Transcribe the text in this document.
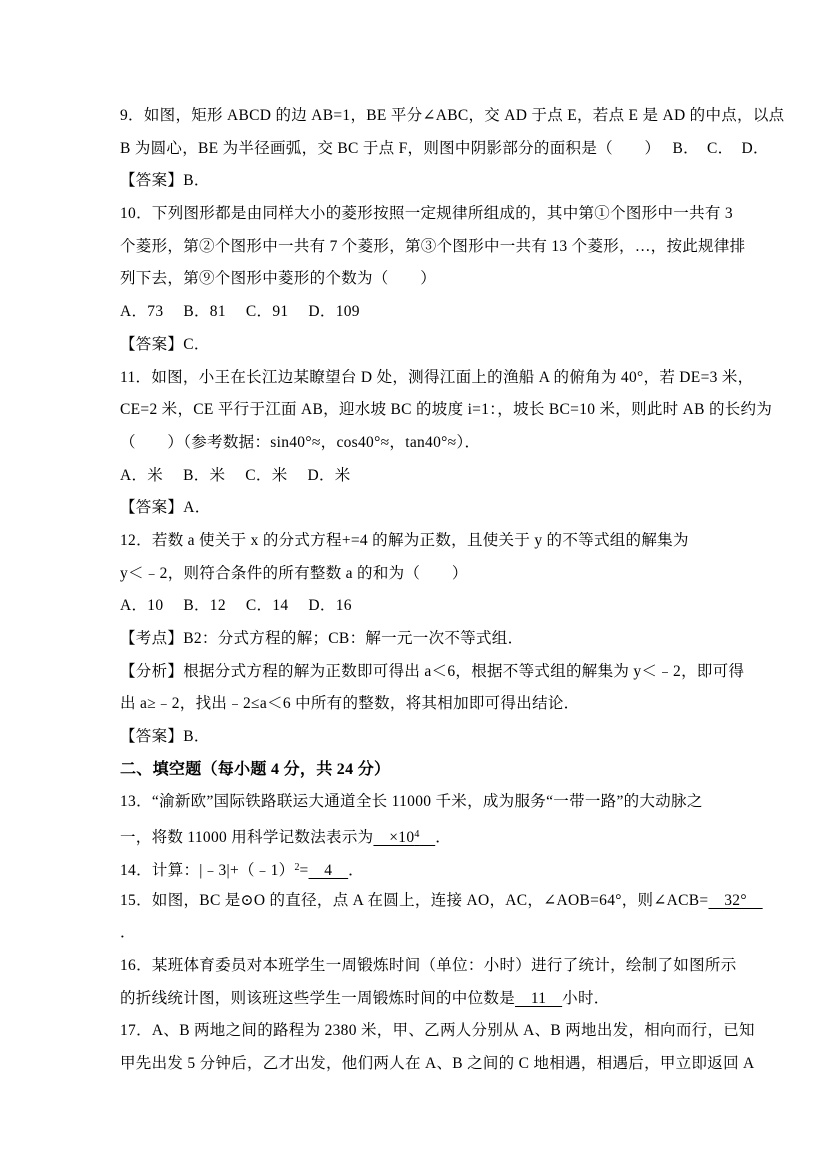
9．如图，矩形 ABCD 的边 AB=1，BE 平分∠ABC，交 AD 于点 E，若点 E 是 AD 的中点，以点
B 为圆心，BE 为半径画弧，交 BC 于点 F，则图中阴影部分的面积是（　　）　 B．　C．　D．
【答案】B．
10．下列图形都是由同样大小的菱形按照一定规律所组成的，其中第①个图形中一共有 3
个菱形，第②个图形中一共有 7 个菱形，第③个图形中一共有 13 个菱形，…，按此规律排
列下去，第⑨个图形中菱形的个数为（　　）
A．73　 B．81　 C．91　 D．109
【答案】C．
11．如图，小王在长江边某瞭望台 D 处，测得江面上的渔船 A 的俯角为 40°，若 DE=3 米，
CE=2 米，CE 平行于江面 AB，迎水坡 BC 的坡度 i=1：，坡长 BC=10 米，则此时 AB 的长约为
（　　）（参考数据：sin40°≈，cos40°≈，tan40°≈）．
A．米　 B．米　 C．米　 D．米
【答案】A．
12．若数 a 使关于 x 的分式方程+=4 的解为正数，且使关于 y 的不等式组的解集为
y＜﹣2，则符合条件的所有整数 a 的和为（　　）
A．10　 B．12　 C．14　 D．16
【考点】B2：分式方程的解；CB：解一元一次不等式组．
【分析】根据分式方程的解为正数即可得出 a＜6，根据不等式组的解集为 y＜﹣2，即可得
出 a≥﹣2，找出﹣2≤a＜6 中所有的整数，将其相加即可得出结论．
【答案】B．
二、填空题（每小题 4 分，共 24 分）
13．“渝新欧”国际铁路联运大通道全长 11000 千米，成为服务“一带一路”的大动脉之
一，将数 11000 用科学记数法表示为　$\times 10^4$　 ．
14．计算：|﹣3|+（﹣1）$^2$=　4　．
15．如图，BC 是⊙O 的直径，点 A 在圆上，连接 AO，AC，∠AOB=64°，则∠ACB=　32°　
．
16．某班体育委员对本班学生一周锻炼时间（单位：小时）进行了统计，绘制了如图所示
的折线统计图，则该班这些学生一周锻炼时间的中位数是　11　小时．
17．A、B 两地之间的路程为 2380 米，甲、乙两人分别从 A、B 两地出发，相向而行，已知
甲先出发 5 分钟后，乙才出发，他们两人在 A、B 之间的 C 地相遇，相遇后，甲立即返回 A
